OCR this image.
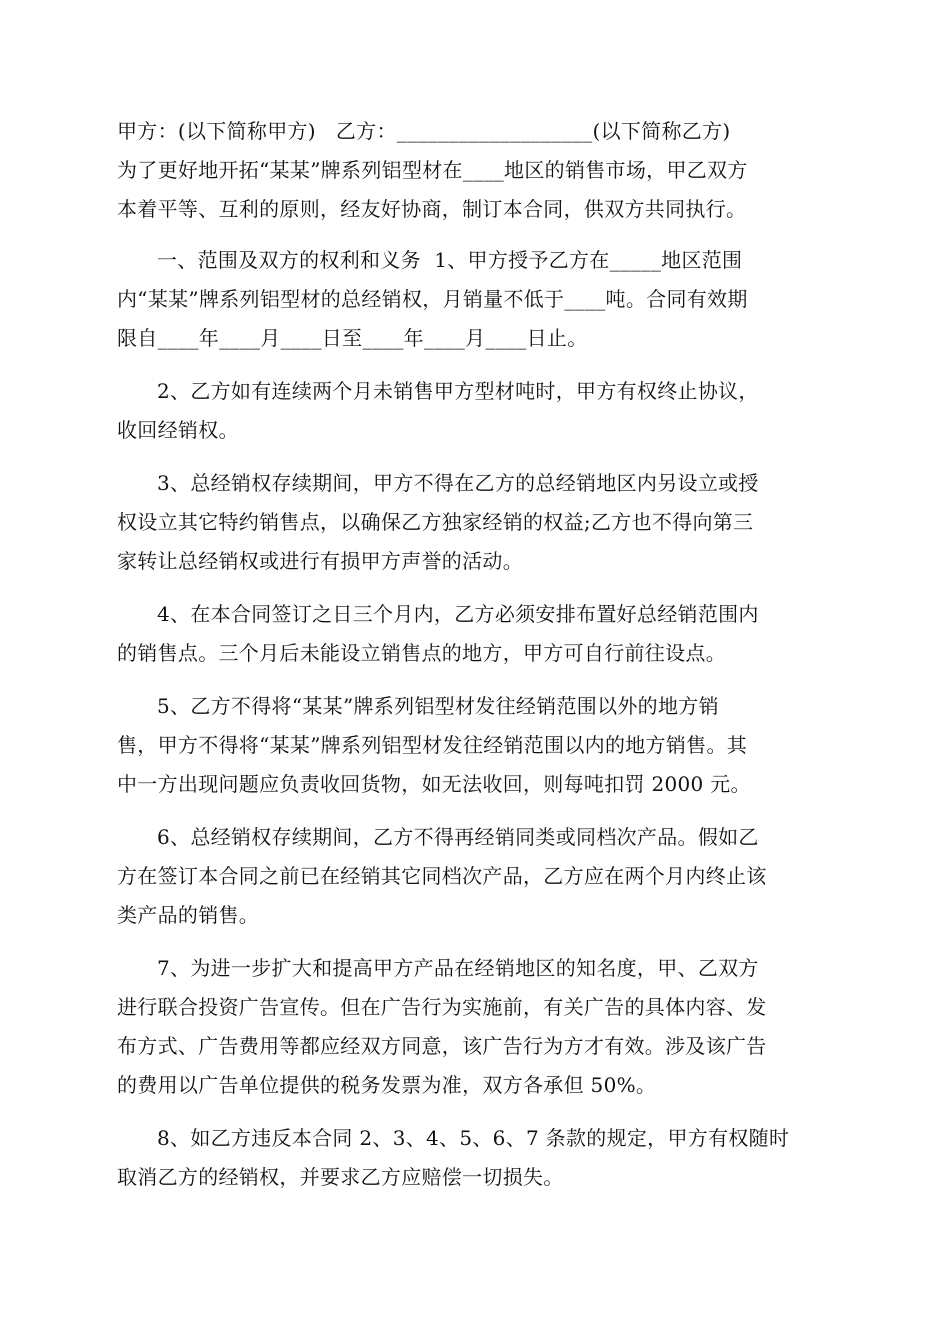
甲方：(以下简称甲方)   乙方：___________________(以下简称乙方)
为了更好地开拓“某某”牌系列铝型材在____地区的销售市场，甲乙双方
本着平等、互利的原则，经友好协商，制订本合同，供双方共同执行。
一、范围及双方的权利和义务  1、甲方授予乙方在_____地区范围
内“某某”牌系列铝型材的总经销权，月销量不低于____吨。合同有效期
限自____年____月____日至____年____月____日止。
2、乙方如有连续两个月未销售甲方型材吨时，甲方有权终止协议，
收回经销权。
3、总经销权存续期间，甲方不得在乙方的总经销地区内另设立或授
权设立其它特约销售点，以确保乙方独家经销的权益;乙方也不得向第三
家转让总经销权或进行有损甲方声誉的活动。
4、在本合同签订之日三个月内，乙方必须安排布置好总经销范围内
的销售点。三个月后未能设立销售点的地方，甲方可自行前往设点。
5、乙方不得将“某某”牌系列铝型材发往经销范围以外的地方销
售，甲方不得将“某某”牌系列铝型材发往经销范围以内的地方销售。其
中一方出现问题应负责收回货物，如无法收回，则每吨扣罚 2000 元。
6、总经销权存续期间，乙方不得再经销同类或同档次产品。假如乙
方在签订本合同之前已在经销其它同档次产品，乙方应在两个月内终止该
类产品的销售。
7、为进一步扩大和提高甲方产品在经销地区的知名度，甲、乙双方
进行联合投资广告宣传。但在广告行为实施前，有关广告的具体内容、发
布方式、广告费用等都应经双方同意，该广告行为方才有效。涉及该广告
的费用以广告单位提供的税务发票为准，双方各承但 50%。
8、如乙方违反本合同 2、3、4、5、6、7 条款的规定，甲方有权随时
取消乙方的经销权，并要求乙方应赔偿一切损失。
